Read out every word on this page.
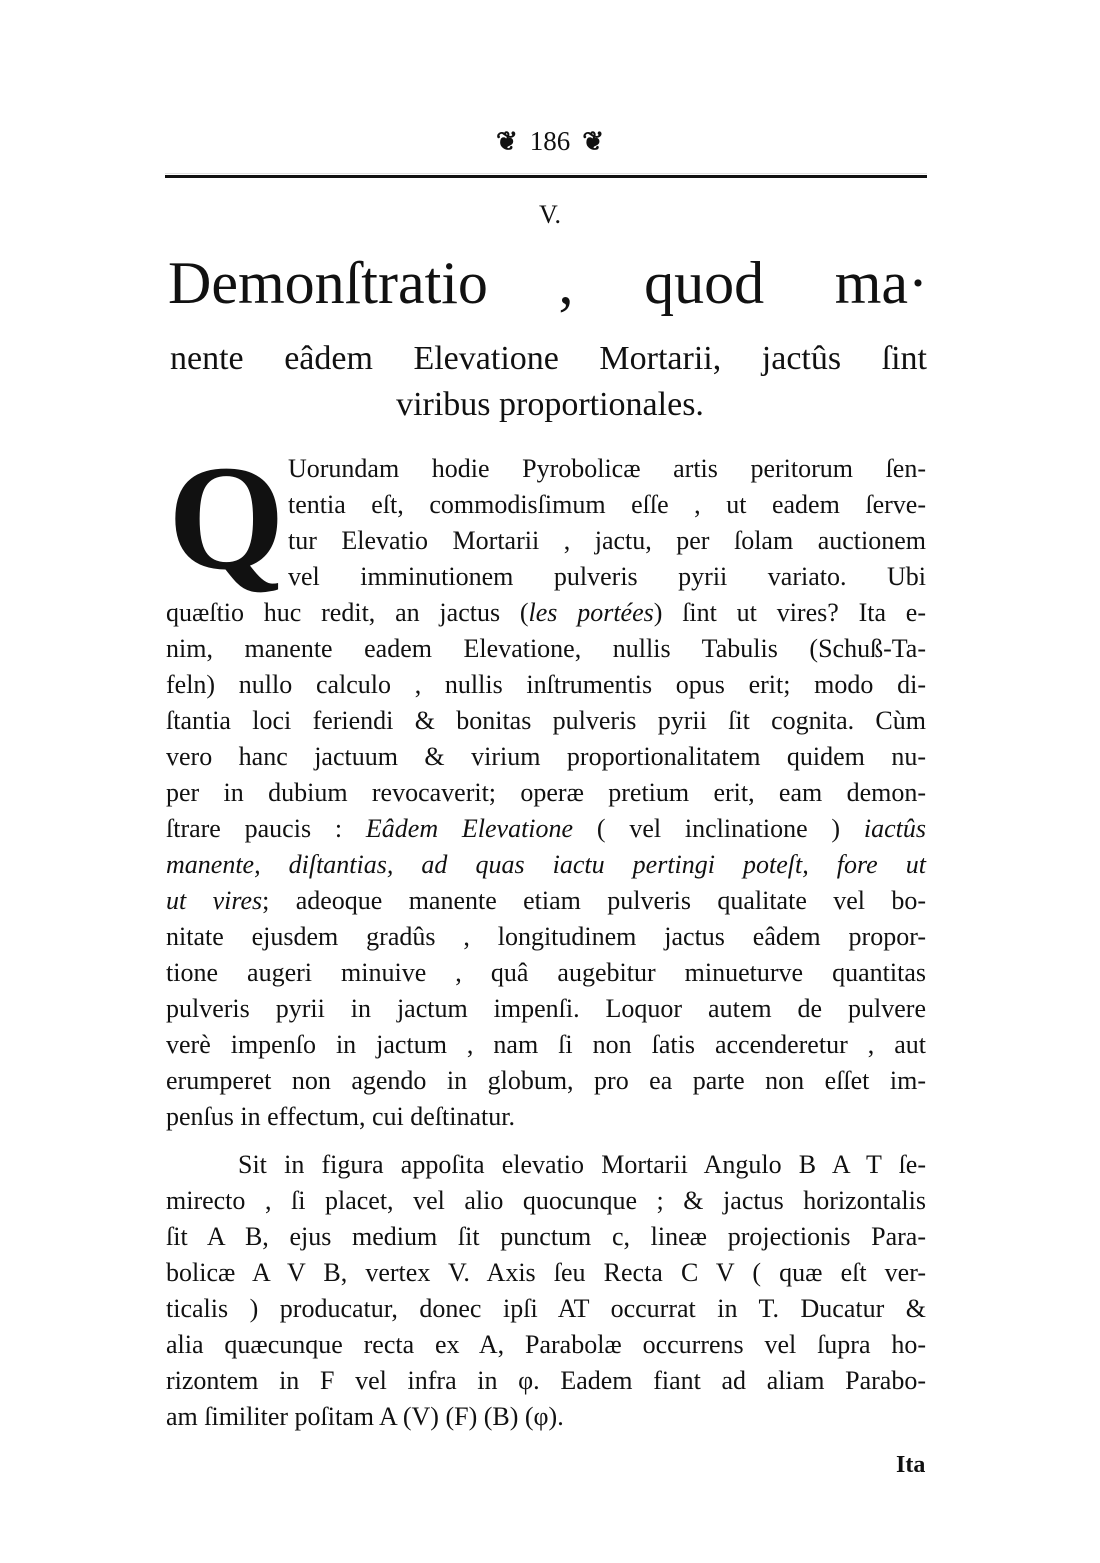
❦ 186 ❦
V.
Demonſtratio , quod ma·
nente eâdem Elevatione Mortarii, jactûs ſint
viribus proportionales.
Q Uorundam hodie Pyrobolicæ artis peritorum ſen-
tentia eſt, commodisſimum eſſe , ut eadem ſerve-
tur Elevatio Mortarii , jactu, per ſolam auctionem
vel imminutionem pulveris pyrii variato. Ubi
quæſtio huc redit, an jactus (les portées) ſint ut vires? Ita e-
nim, manente eadem Elevatione, nullis Tabulis (Schuß-Ta-
feln) nullo calculo , nullis inſtrumentis opus erit; modo di-
ſtantia loci feriendi & bonitas pulveris pyrii ſit cognita. Cùm
vero hanc jactuum & virium proportionalitatem quidem nu-
per in dubium revocaverit; operæ pretium erit, eam demon-
ſtrare paucis : Eâdem Elevatione ( vel inclinatione ) iactûs
manente, diſtantias, ad quas iactu pertingi poteſt, fore ut
ut vires; adeoque manente etiam pulveris qualitate vel bo-
nitate ejusdem gradûs , longitudinem jactus eâdem propor-
tione augeri minuive , quâ augebitur minueturve quantitas
pulveris pyrii in jactum impenſi. Loquor autem de pulvere
verè impenſo in jactum , nam ſi non ſatis accenderetur , aut
erumperet non agendo in globum, pro ea parte non eſſet im-
penſus in effectum, cui deſtinatur.
Sit in figura appoſita elevatio Mortarii Angulo B A T ſe-
mirecto , ſi placet, vel alio quocunque ; & jactus horizontalis
ſit A B, ejus medium ſit punctum c, lineæ projectionis Para-
bolicæ A V B, vertex V. Axis ſeu Recta C V ( quæ eſt ver-
ticalis ) producatur, donec ipſi AT occurrat in T. Ducatur &
alia quæcunque recta ex A, Parabolæ occurrens vel ſupra ho-
rizontem in F vel infra in φ. Eadem fiant ad aliam Parabo-
am ſimiliter poſitam A (V) (F) (B) (φ).
Ita
